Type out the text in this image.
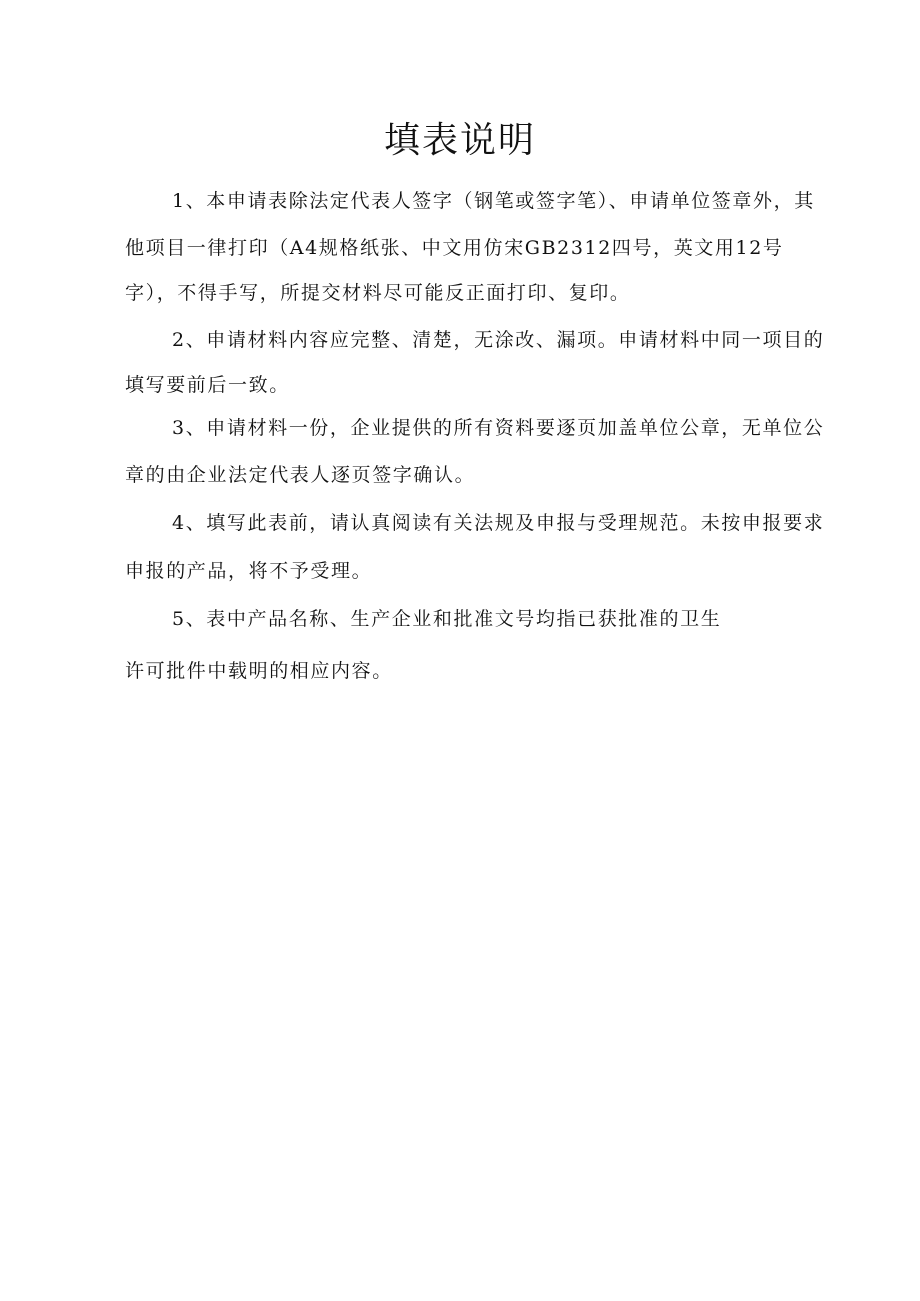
填表说明
1、本申请表除法定代表人签字（钢笔或签字笔）、申请单位签章外，其
他项目一律打印（A4规格纸张、中文用仿宋GB2312四号，英文用12号
字），不得手写，所提交材料尽可能反正面打印、复印。
2、申请材料内容应完整、清楚，无涂改、漏项。申请材料中同一项目的
填写要前后一致。
3、申请材料一份，企业提供的所有资料要逐页加盖单位公章，无单位公
章的由企业法定代表人逐页签字确认。
4、填写此表前，请认真阅读有关法规及申报与受理规范。未按申报要求
申报的产品，将不予受理。
5、表中产品名称、生产企业和批准文号均指已获批准的卫生
许可批件中载明的相应内容。
